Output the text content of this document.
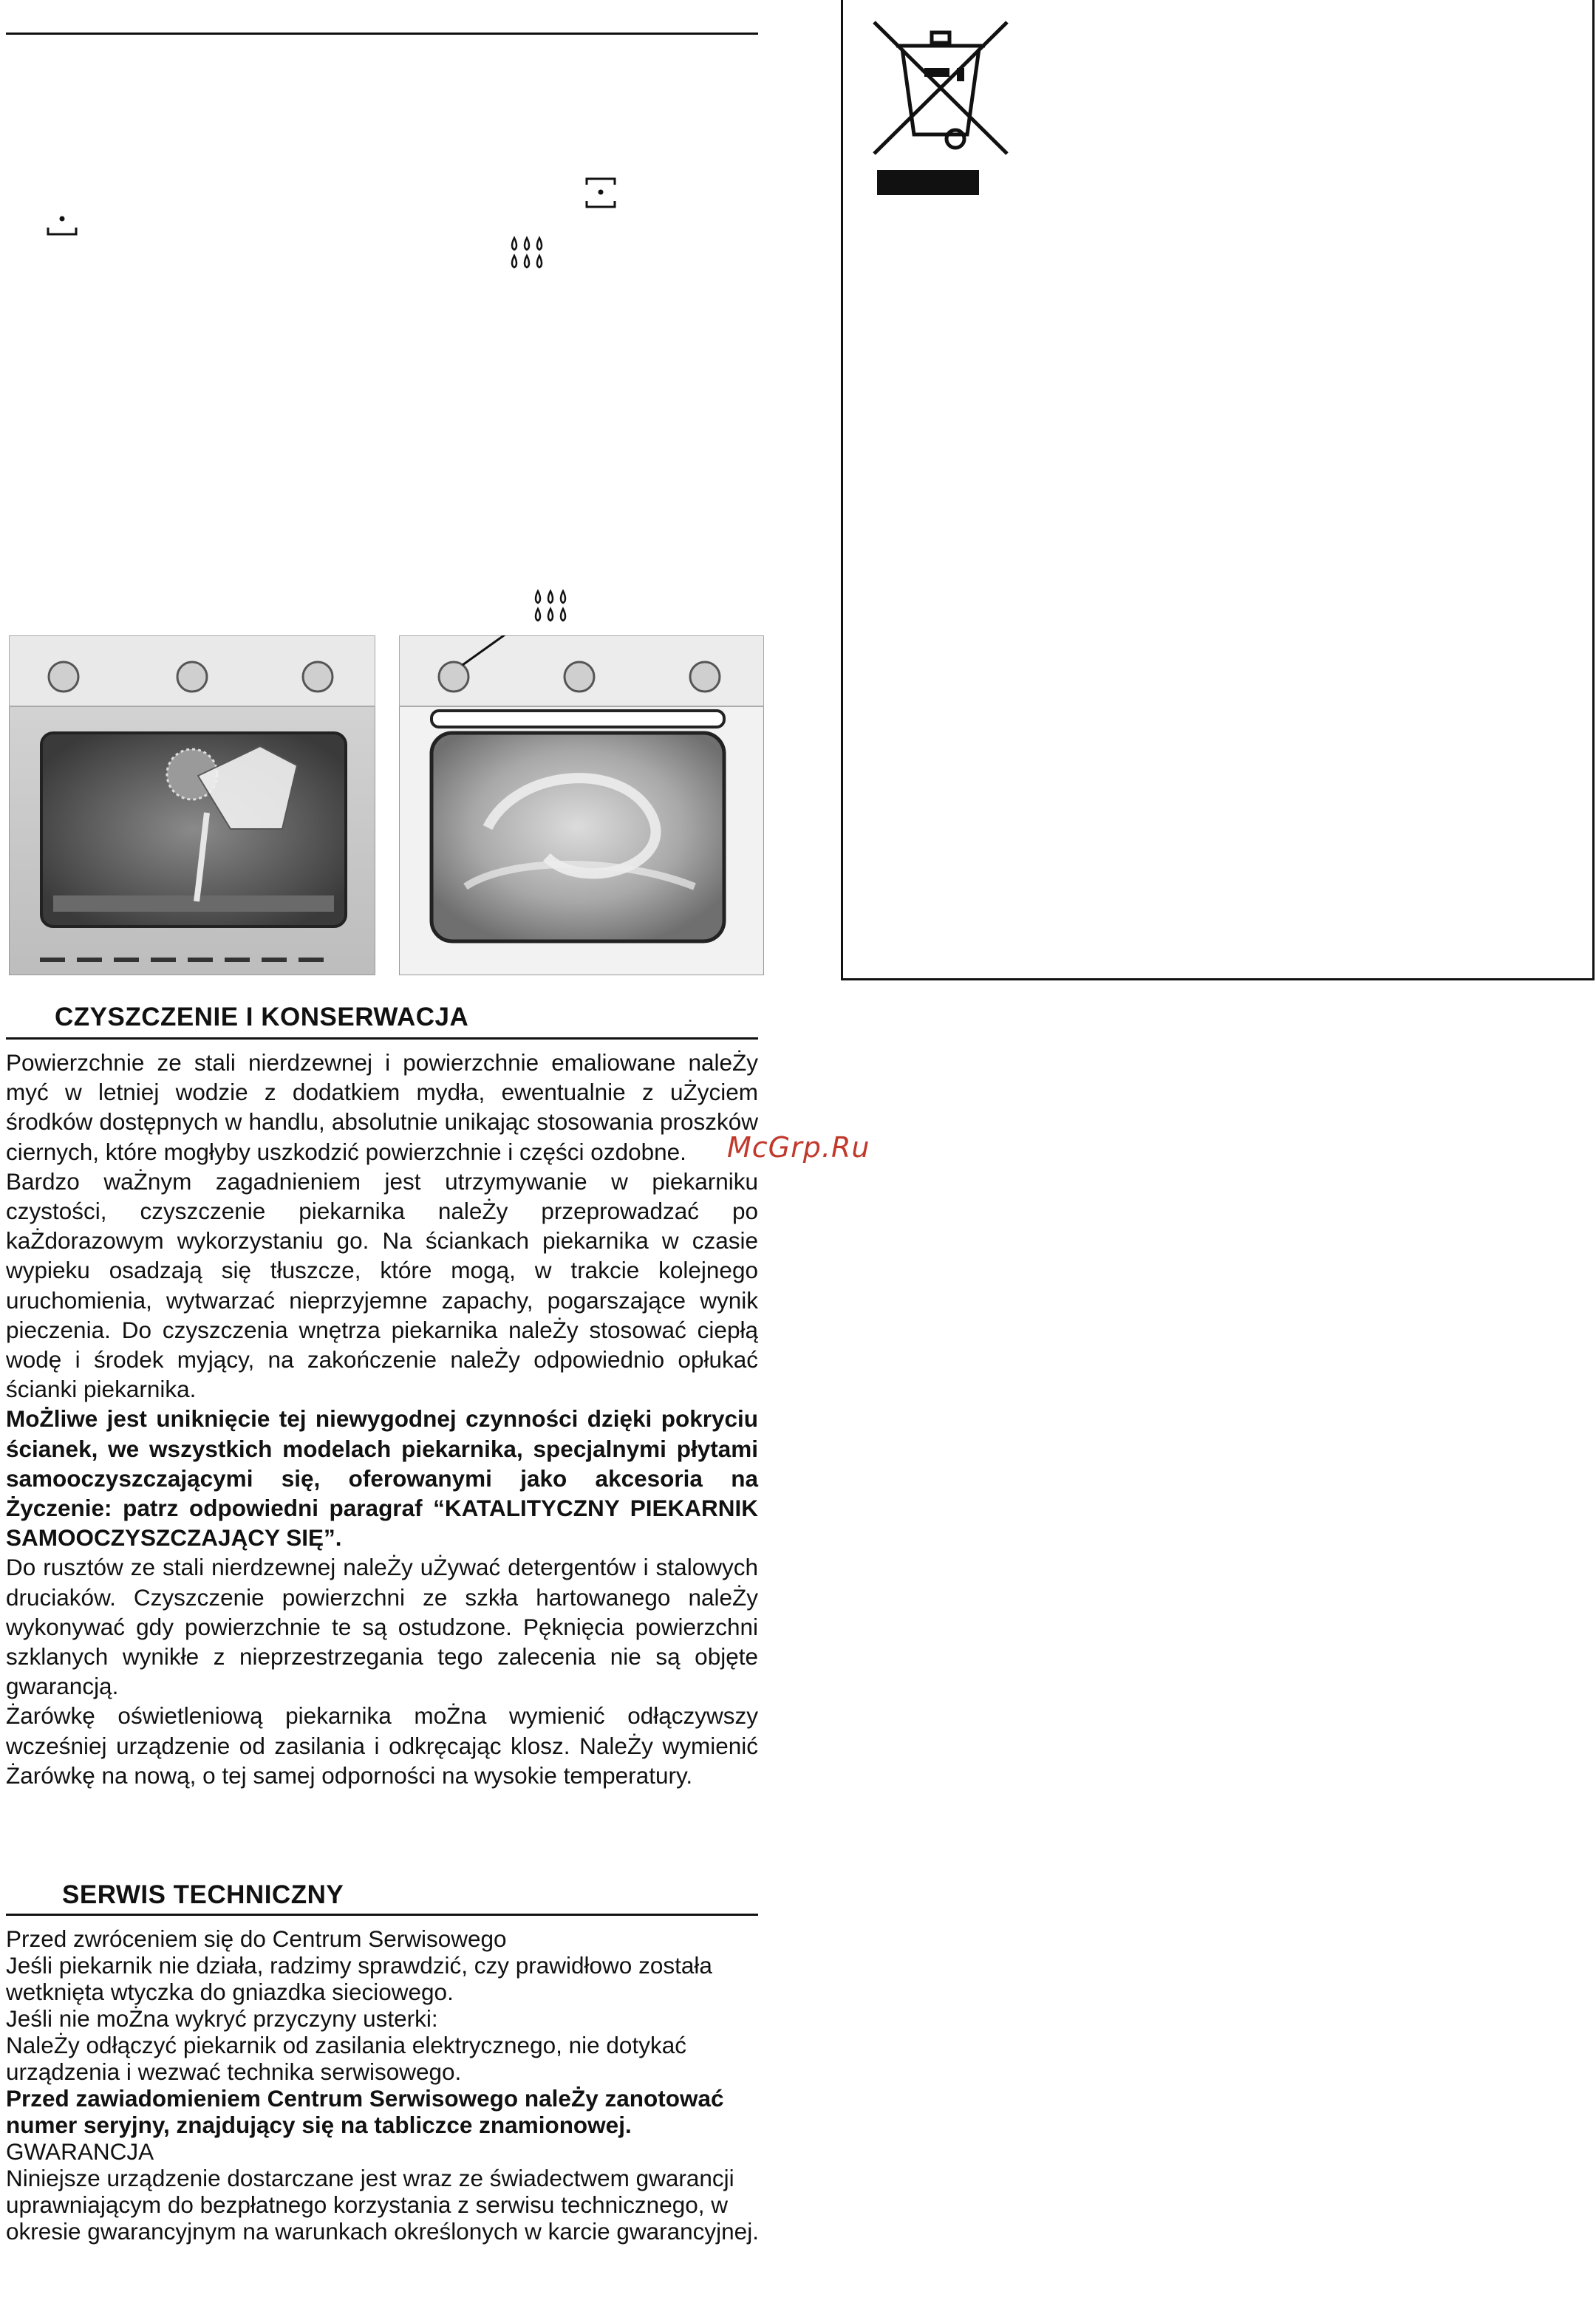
CZYSZCZENIE I KONSERWACJA

Powierzchnie ze stali nierdzewnej i powierzchnie emaliowane naleŻy myć w letniej wodzie z dodatkiem mydła, ewentualnie z uŻyciem środków dostępnych w handlu, absolutnie unikając stosowania proszków ciernych, które mogłyby uszkodzić powierzchnie i części ozdobne.

Bardzo waŻnym zagadnieniem jest utrzymywanie w piekarniku czystości, czyszczenie piekarnika naleŻy przeprowadzać po kaŻdorazowym wykorzystaniu go. Na ściankach piekarnika w czasie wypieku osadzają się tłuszcze, które mogą, w trakcie kolejnego uruchomienia, wytwarzać nieprzyjemne zapachy, pogarszające wynik pieczenia. Do czyszczenia wnętrza piekarnika naleŻy stosować ciepłą wodę i środek myjący, na zakończenie naleŻy odpowiednio opłukać ścianki piekarnika.

MoŻliwe jest uniknięcie tej niewygodnej czynności dzięki pokryciu ścianek, we wszystkich modelach piekarnika, specjalnymi płytami samooczyszczającymi się, oferowanymi jako akcesoria na Życzenie: patrz odpowiedni paragraf “KATALITYCZNY PIEKARNIK SAMOOCZYSZCZAJĄCY SIĘ”.

Do rusztów ze stali nierdzewnej naleŻy uŻywać detergentów i stalowych druciaków. Czyszczenie powierzchni ze szkła hartowanego naleŻy wykonywać gdy powierzchnie te są ostudzone. Pęknięcia powierzchni szklanych wynikłe z nieprzestrzegania tego zalecenia nie są objęte gwarancją.

Żarówkę oświetleniową piekarnika moŻna wymienić odłączywszy wcześniej urządzenie od zasilania i odkręcając klosz. NaleŻy wymienić Żarówkę na nową, o tej samej odporności na wysokie temperatury.

McGrp.Ru
SERWIS TECHNICZNY

Przed zwróceniem się do Centrum Serwisowego

Jeśli piekarnik nie działa, radzimy sprawdzić, czy prawidłowo została wetknięta wtyczka do gniazdka sieciowego.

Jeśli nie moŻna wykryć przyczyny usterki:

NaleŻy odłączyć piekarnik od zasilania elektrycznego, nie dotykać urządzenia i wezwać technika serwisowego.

Przed zawiadomieniem Centrum Serwisowego naleŻy zanotować numer seryjny, znajdujący się na tabliczce znamionowej.

GWARANCJA

Niniejsze urządzenie dostarczane jest wraz ze świadectwem gwarancji uprawniającym do bezpłatnego korzystania z serwisu technicznego, w okresie gwarancyjnym na warunkach określonych w karcie gwarancyjnej.
